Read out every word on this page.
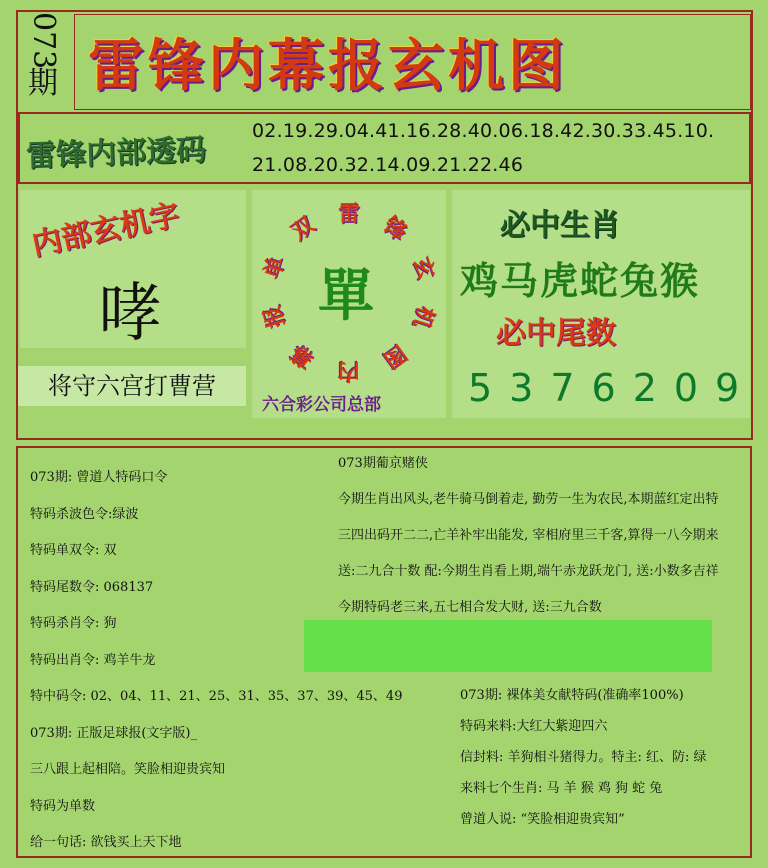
073
期 雷锋内幕报玄机图
雷锋内部透码
02.19.29.04.41.16.28.40.06.18.42.30.33.45.10.
21.08.20.32.14.09.21.22.46
内部玄机字
哮
将守六宫打曹营
雷 锋
玄
机
图
内
幕
报
单
双
單
六合彩公司总部
必中生肖
鸡马虎蛇兔猴
必中尾数
5376209
073期: 曾道人特码口令
特码杀波色令:绿波
特码单双令: 双
特码尾数令: 068137
特码杀肖令: 狗
特码出肖令: 鸡羊牛龙
特中码令: 02、04、11、21、25、31、35、37、39、45、49
073期: 正版足球报(文字版)_
三八跟上起相陪。笑脸相迎贵宾知
特码为单数
给一句话: 欲钱买上天下地
073期葡京赌侠
今期生肖出风头,老牛骑马倒着走, 勤劳一生为农民,本期蓝红定出特
三四出码开二二,亡羊补牢出能发, 宰相府里三千客,算得一八今期来
送:二九合十数 配:今期生肖看上期,端午赤龙跃龙门, 送:小数多吉祥
今期特码老三来,五七相合发大财, 送:三九合数
073期: 裸体美女献特码(准确率100%)
特码来料:大红大紫迎四六
信封料: 羊狗相斗猪得力。特主: 红、防: 绿
来料七个生肖: 马 羊 猴 鸡 狗 蛇 兔
曾道人说: “笑脸相迎贵宾知”
